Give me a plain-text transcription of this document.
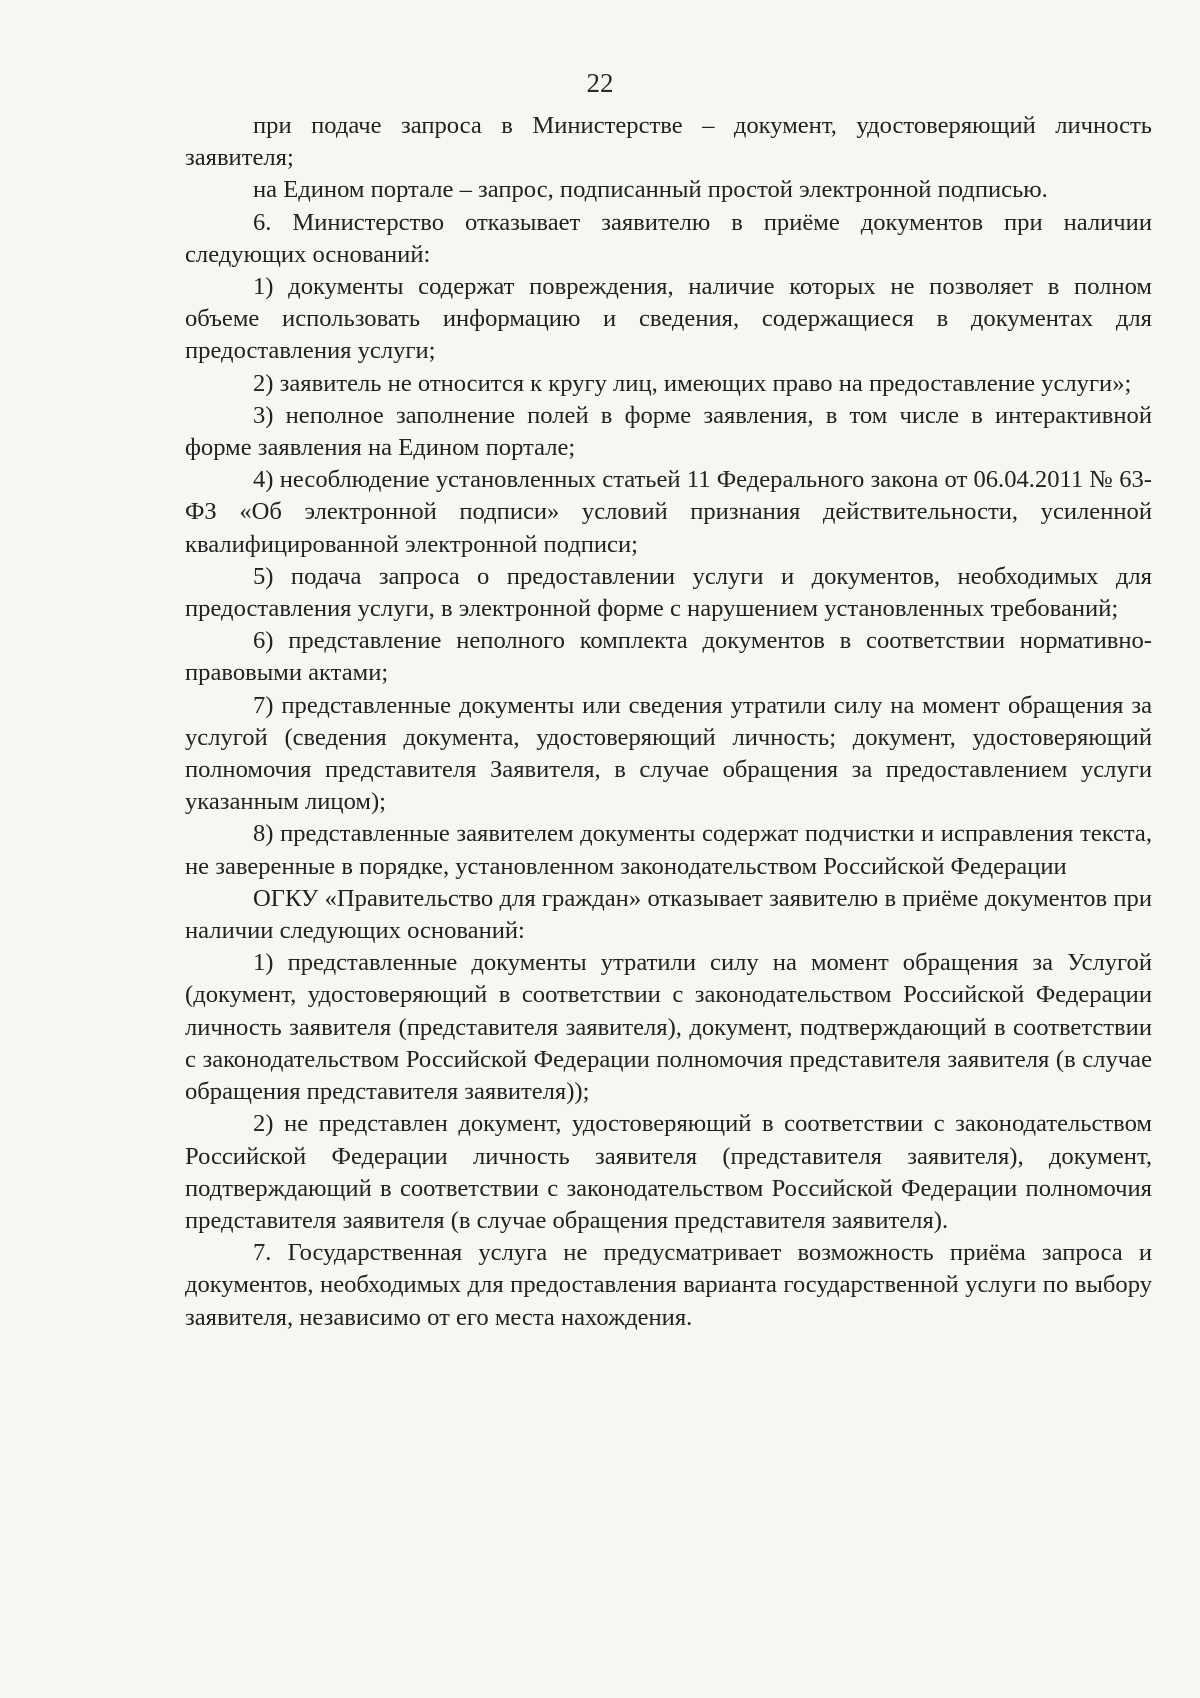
22

при подаче запроса в Министерстве – документ, удостоверяющий личность заявителя;

на Едином портале – запрос, подписанный простой электронной подписью.

6. Министерство отказывает заявителю в приёме документов при наличии следующих оснований:

1) документы содержат повреждения, наличие которых не позволяет в полном объеме использовать информацию и сведения, содержащиеся в документах для предоставления услуги;

2) заявитель не относится к кругу лиц, имеющих право на предоставление услуги»;

3) неполное заполнение полей в форме заявления, в том числе в интерактивной форме заявления на Едином портале;

4) несоблюдение установленных статьей 11 Федерального закона от 06.04.2011 № 63-ФЗ «Об электронной подписи» условий признания действительности, усиленной квалифицированной электронной подписи;

5) подача запроса о предоставлении услуги и документов, необходимых для предоставления услуги, в электронной форме с нарушением установленных требований;

6) представление неполного комплекта документов в соответствии нормативно-правовыми актами;

7) представленные документы или сведения утратили силу на момент обращения за услугой (сведения документа, удостоверяющий личность; документ, удостоверяющий полномочия представителя Заявителя, в случае обращения за предоставлением услуги указанным лицом);

8) представленные заявителем документы содержат подчистки и исправления текста, не заверенные в порядке, установленном законодательством Российской Федерации

ОГКУ «Правительство для граждан» отказывает заявителю в приёме документов при наличии следующих оснований:

1) представленные документы утратили силу на момент обращения за Услугой (документ, удостоверяющий в соответствии с законодательством Российской Федерации личность заявителя (представителя заявителя), документ, подтверждающий в соответствии с законодательством Российской Федерации полномочия представителя заявителя (в случае обращения представителя заявителя));

2) не представлен документ, удостоверяющий в соответствии с законодательством Российской Федерации личность заявителя (представителя заявителя), документ, подтверждающий в соответствии с законодательством Российской Федерации полномочия представителя заявителя (в случае обращения представителя заявителя).

7. Государственная услуга не предусматривает возможность приёма запроса и документов, необходимых для предоставления варианта государственной услуги по выбору заявителя, независимо от его места нахождения.
